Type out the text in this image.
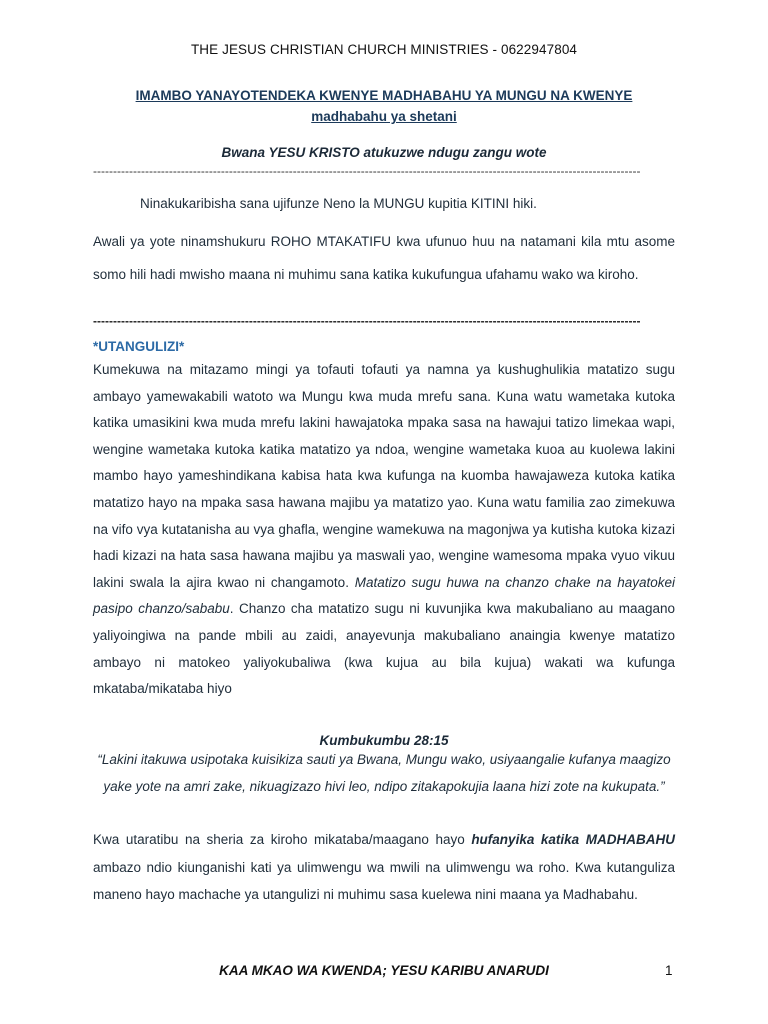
THE JESUS CHRISTIAN CHURCH MINISTRIES - 0622947804
IMAMBO YANAYOTENDEKA KWENYE MADHABAHU YA MUNGU NA KWENYE
madhabahu ya shetani
Bwana YESU KRISTO atukuzwe ndugu zangu wote
-----------------------------------------------------------------------------------------------------------------------------------------
Ninakukaribisha sana ujifunze Neno la MUNGU kupitia KITINI hiki.
Awali ya yote ninamshukuru ROHO MTAKATIFU kwa ufunuo huu na natamani kila mtu asome somo hili hadi mwisho maana ni muhimu sana katika kukufungua ufahamu wako wa kiroho.
-----------------------------------------------------------------------------------------------------------------------------------------
*UTANGULIZI*
Kumekuwa na mitazamo mingi ya tofauti tofauti ya namna ya kushughulikia matatizo sugu ambayo yamewakabili watoto wa Mungu kwa muda mrefu sana. Kuna watu wametaka kutoka katika umasikini kwa muda mrefu lakini hawajatoka mpaka sasa na hawajui tatizo limekaa wapi, wengine wametaka kutoka katika matatizo ya ndoa, wengine wametaka kuoa au kuolewa lakini mambo hayo yameshindikana kabisa hata kwa kufunga na kuomba hawajaweza kutoka katika matatizo hayo na mpaka sasa hawana majibu ya matatizo yao. Kuna watu familia zao zimekuwa na vifo vya kutatanisha au vya ghafla, wengine wamekuwa na magonjwa ya kutisha kutoka kizazi hadi kizazi na hata sasa hawana majibu ya maswali yao, wengine wamesoma mpaka vyuo vikuu lakini swala la ajira kwao ni changamoto. Matatizo sugu huwa na chanzo chake na hayatokei pasipo chanzo/sababu. Chanzo cha matatizo sugu ni kuvunjika kwa makubaliano au maagano yaliyoingiwa na pande mbili au zaidi, anayevunja makubaliano anaingia kwenye matatizo ambayo ni matokeo yaliyokubaliwa (kwa kujua au bila kujua) wakati wa kufunga mkataba/mikataba hiyo
Kumbukumbu 28:15
“Lakini itakuwa usipotaka kuisikiza sauti ya Bwana, Mungu wako, usiyaangalie kufanya maagizo yake yote na amri zake, nikuagizazo hivi leo, ndipo zitakapokujia laana hizi zote na kukupata.”
Kwa utaratibu na sheria za kiroho mikataba/maagano hayo hufanyika katika MADHABAHU ambazo ndio kiunganishi kati ya ulimwengu wa mwili na ulimwengu wa roho. Kwa kutanguliza maneno hayo machache ya utangulizi ni muhimu sasa kuelewa nini maana ya Madhabahu.
KAA MKAO WA KWENDA; YESU KARIBU ANARUDI	1
